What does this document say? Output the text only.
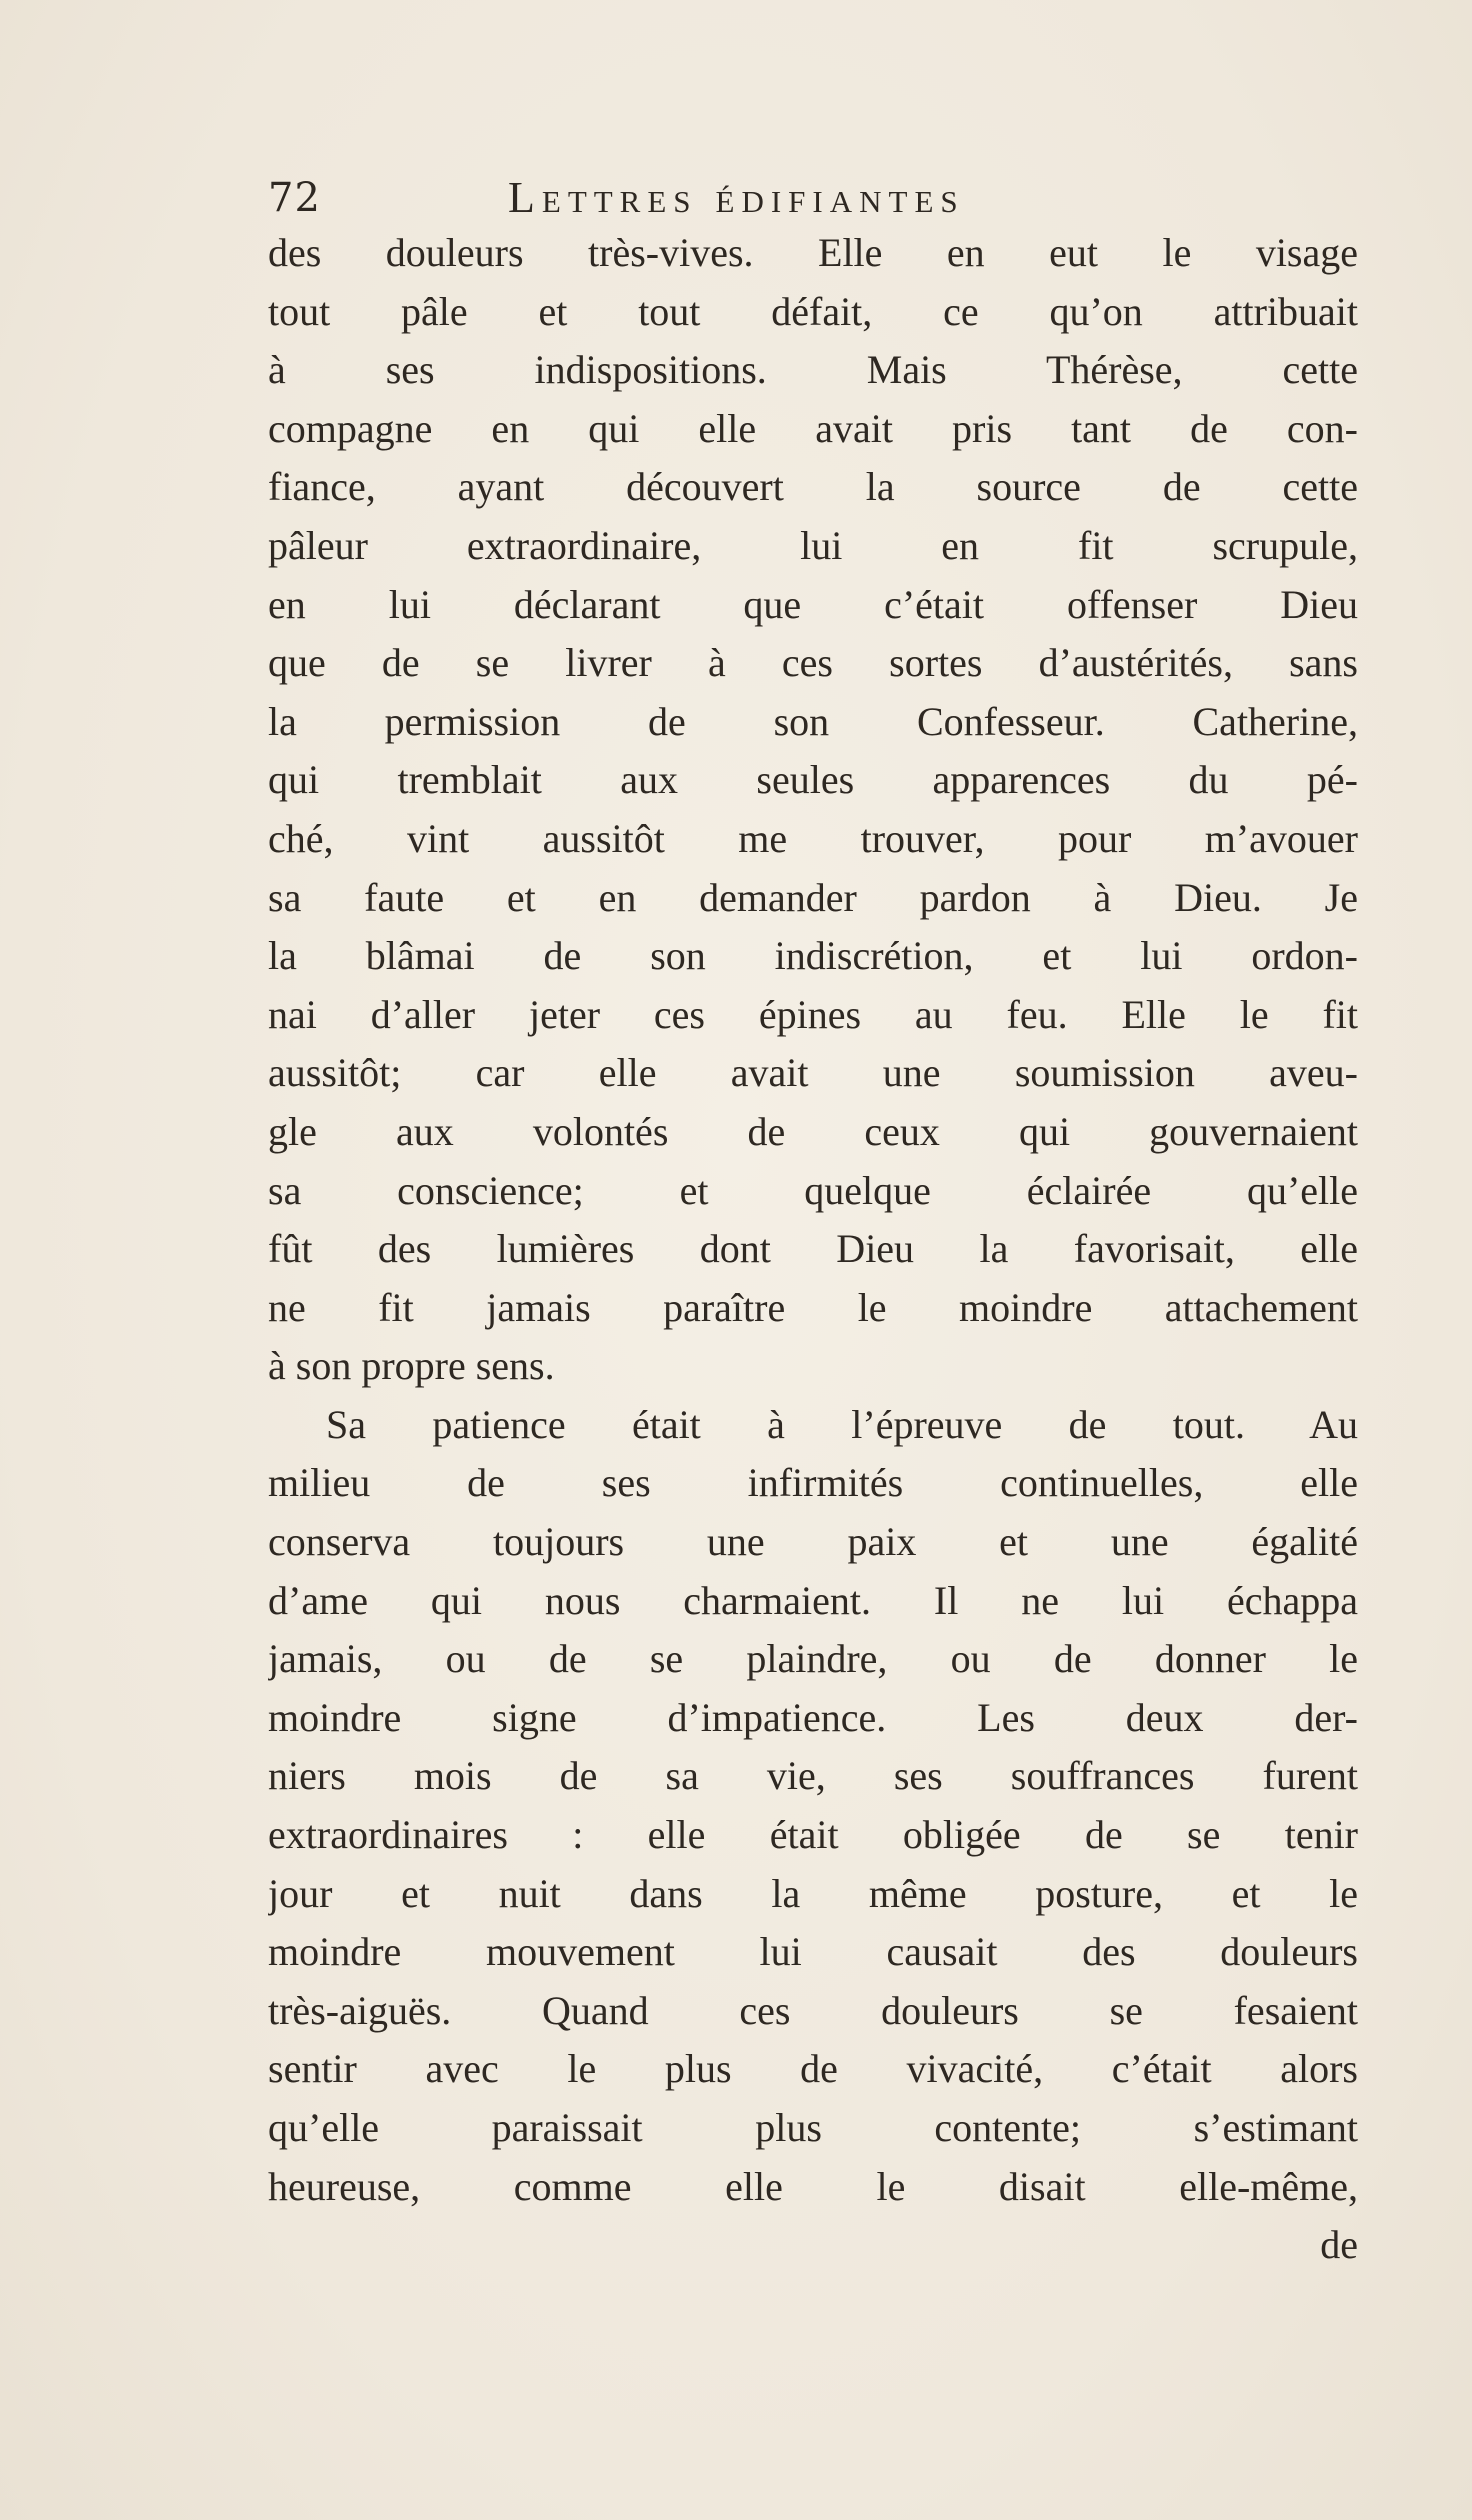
72	Lettres édifiantes
des douleurs très-vives. Elle en eut le visage
tout pâle et tout défait, ce qu’on attribuait
à ses indispositions. Mais Thérèse, cette
compagne en qui elle avait pris tant de con-
fiance, ayant découvert la source de cette
pâleur extraordinaire, lui en fit scrupule,
en lui déclarant que c’était offenser Dieu
que de se livrer à ces sortes d’austérités, sans
la permission de son Confesseur. Catherine,
qui tremblait aux seules apparences du pé-
ché, vint aussitôt me trouver, pour m’avouer
sa faute et en demander pardon à Dieu. Je
la blâmai de son indiscrétion, et lui ordon-
nai d’aller jeter ces épines au feu. Elle le fit
aussitôt; car elle avait une soumission aveu-
gle aux volontés de ceux qui gouvernaient
sa conscience; et quelque éclairée qu’elle
fût des lumières dont Dieu la favorisait, elle
ne fit jamais paraître le moindre attachement
à son propre sens.
Sa patience était à l’épreuve de tout. Au
milieu de ses infirmités continuelles, elle
conserva toujours une paix et une égalité
d’ame qui nous charmaient. Il ne lui échappa
jamais, ou de se plaindre, ou de donner le
moindre signe d’impatience. Les deux der-
niers mois de sa vie, ses souffrances furent
extraordinaires : elle était obligée de se tenir
jour et nuit dans la même posture, et le
moindre mouvement lui causait des douleurs
très-aiguës. Quand ces douleurs se fesaient
sentir avec le plus de vivacité, c’était alors
qu’elle paraissait plus contente; s’estimant
heureuse, comme elle le disait elle-même,
de
